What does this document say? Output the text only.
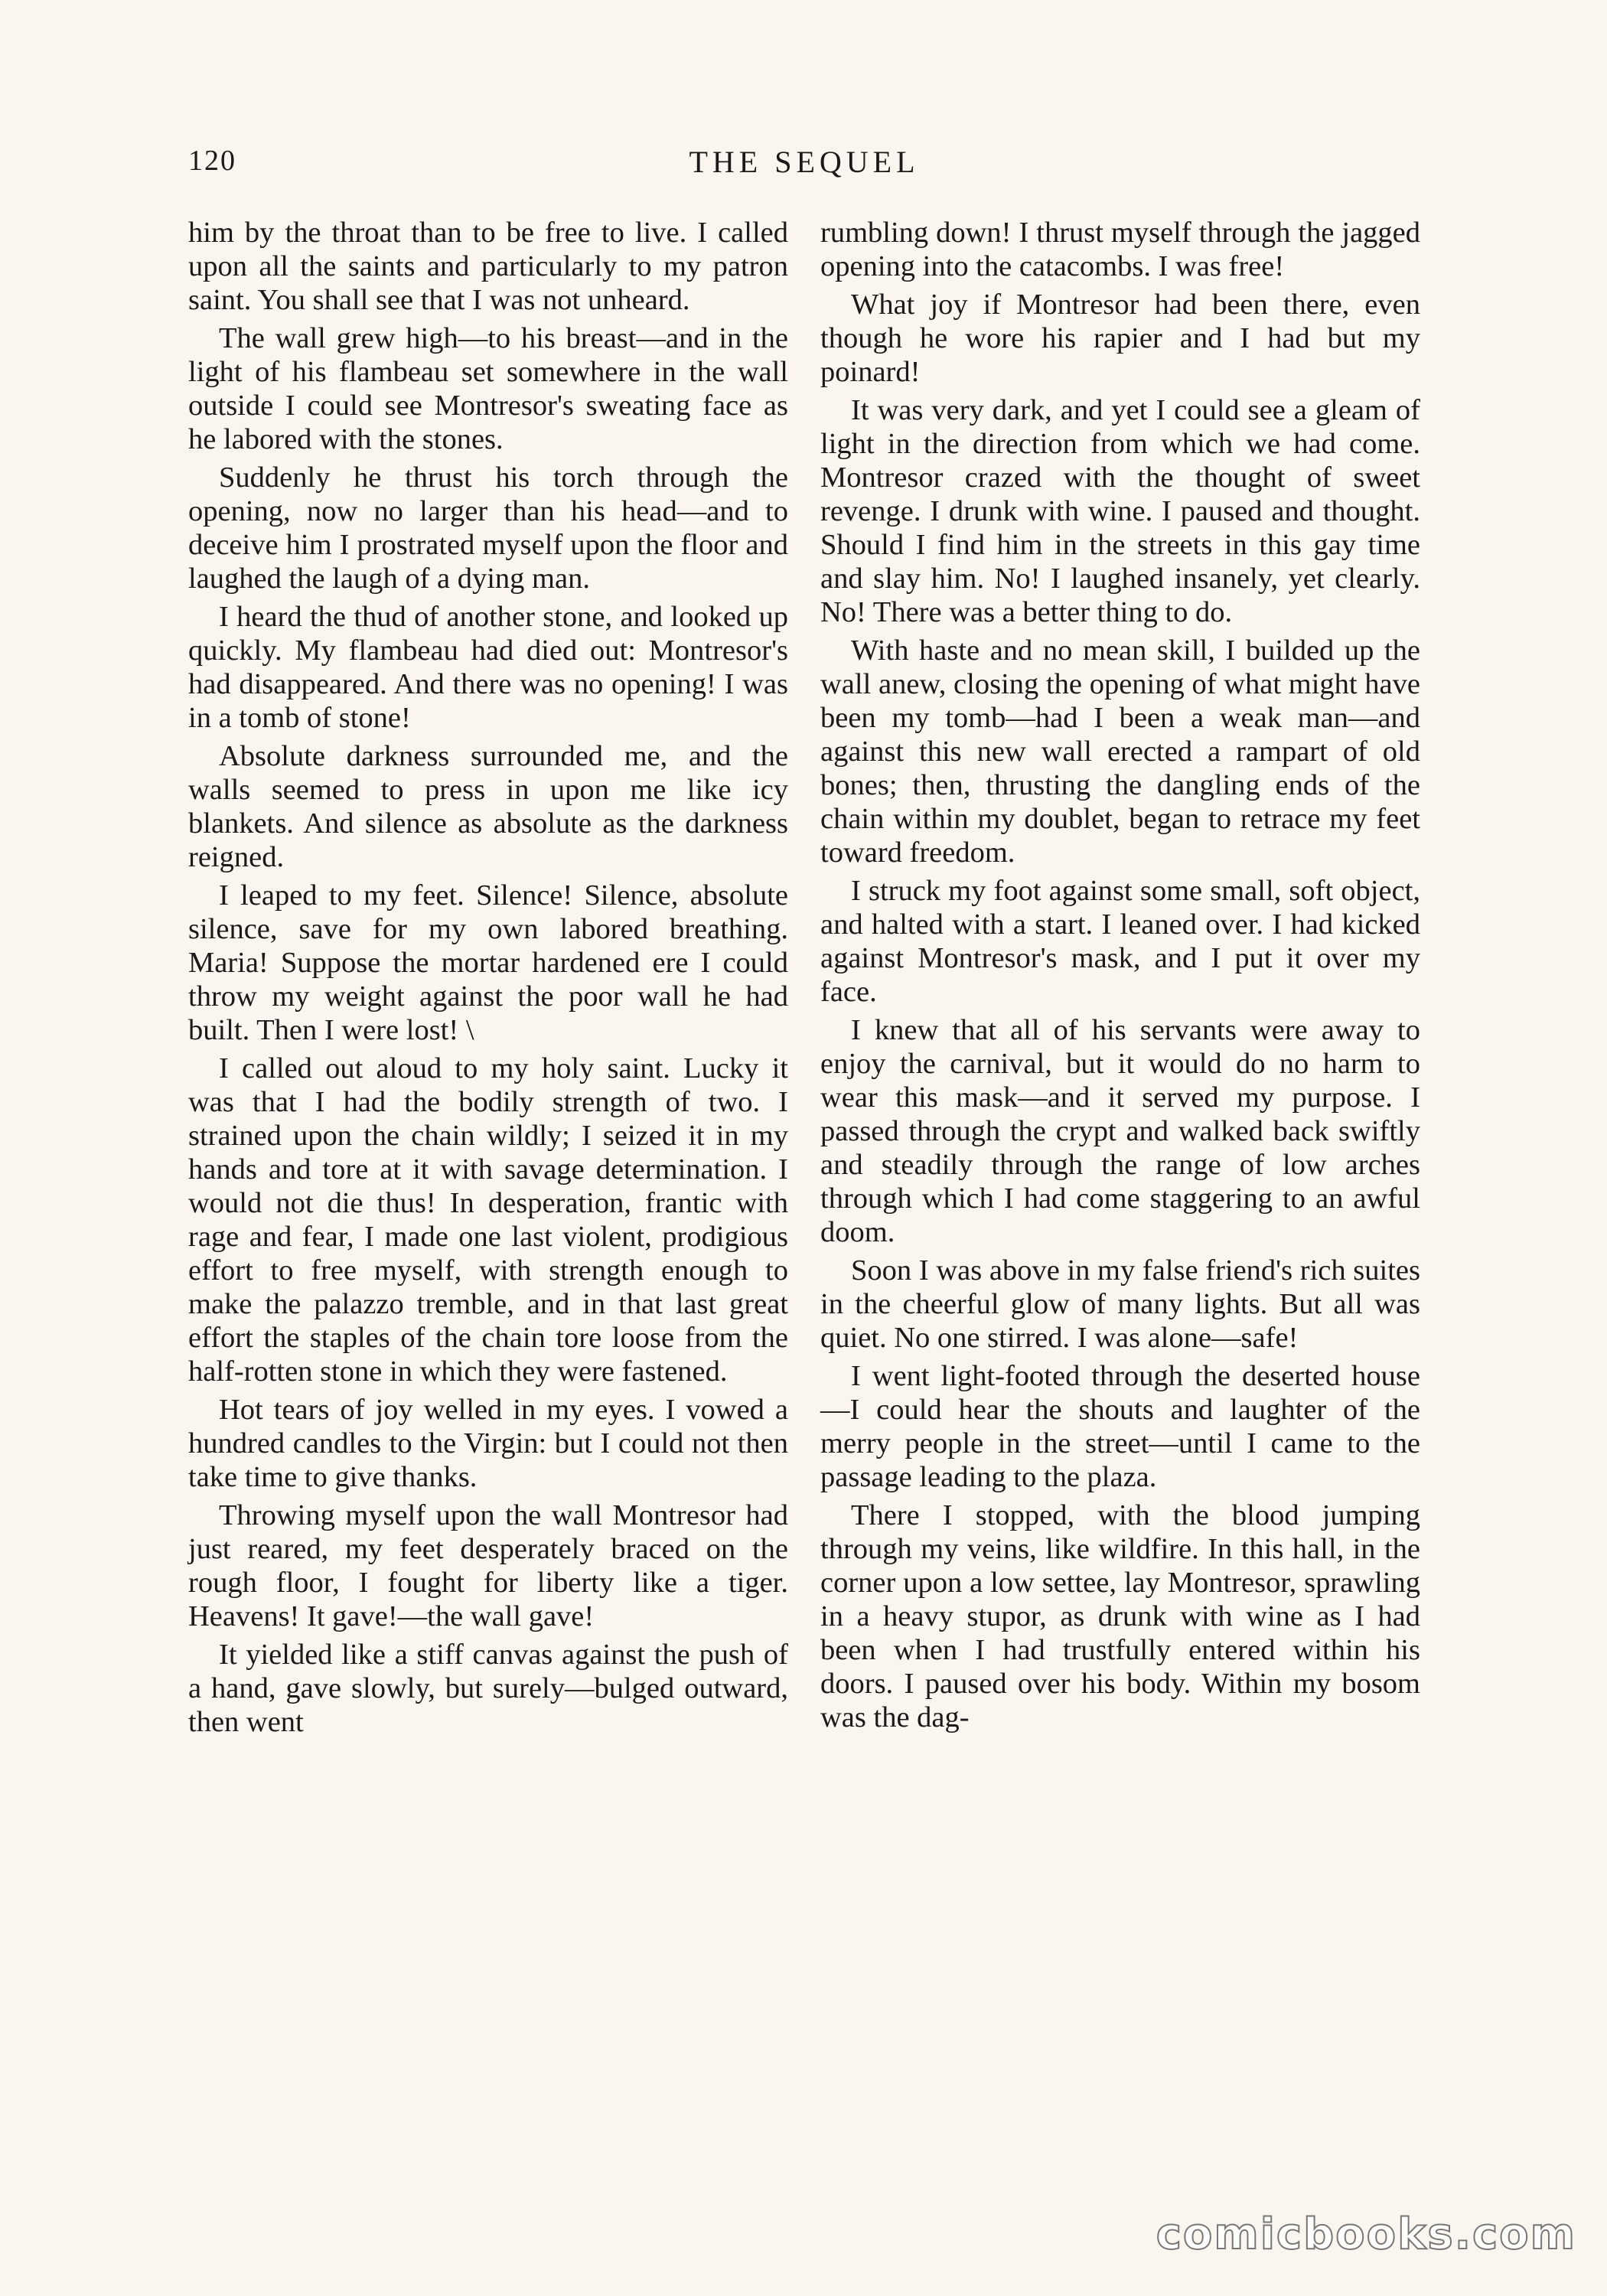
120	THE SEQUEL

him by the throat than to be free to live. I called upon all the saints and particularly to my patron saint. You shall see that I was not unheard.

The wall grew high—to his breast—and in the light of his flambeau set somewhere in the wall outside I could see Montresor's sweating face as he labored with the stones.

Suddenly he thrust his torch through the opening, now no larger than his head—and to deceive him I prostrated myself upon the floor and laughed the laugh of a dying man.

I heard the thud of another stone, and looked up quickly. My flambeau had died out: Montresor's had disappeared. And there was no opening! I was in a tomb of stone!

Absolute darkness surrounded me, and the walls seemed to press in upon me like icy blankets. And silence as absolute as the darkness reigned.

I leaped to my feet. Silence! Silence, absolute silence, save for my own labored breathing. Maria! Suppose the mortar hardened ere I could throw my weight against the poor wall he had built. Then I were lost! \

I called out aloud to my holy saint. Lucky it was that I had the bodily strength of two. I strained upon the chain wildly; I seized it in my hands and tore at it with savage determination. I would not die thus! In desperation, frantic with rage and fear, I made one last violent, prodigious effort to free myself, with strength enough to make the palazzo tremble, and in that last great effort the staples of the chain tore loose from the half-rotten stone in which they were fastened.

Hot tears of joy welled in my eyes. I vowed a hundred candles to the Virgin: but I could not then take time to give thanks.

Throwing myself upon the wall Montresor had just reared, my feet desperately braced on the rough floor, I fought for liberty like a tiger. Heavens! It gave!—the wall gave!

It yielded like a stiff canvas against the push of a hand, gave slowly, but surely—bulged outward, then went

rumbling down! I thrust myself through the jagged opening into the catacombs. I was free!

What joy if Montresor had been there, even though he wore his rapier and I had but my poinard!

It was very dark, and yet I could see a gleam of light in the direction from which we had come. Montresor crazed with the thought of sweet revenge. I drunk with wine. I paused and thought. Should I find him in the streets in this gay time and slay him. No! I laughed insanely, yet clearly. No! There was a better thing to do.

With haste and no mean skill, I builded up the wall anew, closing the opening of what might have been my tomb—had I been a weak man—and against this new wall erected a rampart of old bones; then, thrusting the dangling ends of the chain within my doublet, began to retrace my feet toward freedom.

I struck my foot against some small, soft object, and halted with a start. I leaned over. I had kicked against Montresor's mask, and I put it over my face.

I knew that all of his servants were away to enjoy the carnival, but it would do no harm to wear this mask—and it served my purpose. I passed through the crypt and walked back swiftly and steadily through the range of low arches through which I had come staggering to an awful doom.

Soon I was above in my false friend's rich suites in the cheerful glow of many lights. But all was quiet. No one stirred. I was alone—safe!

I went light-footed through the deserted house—I could hear the shouts and laughter of the merry people in the street—until I came to the passage leading to the plaza.

There I stopped, with the blood jumping through my veins, like wildfire. In this hall, in the corner upon a low settee, lay Montresor, sprawling in a heavy stupor, as drunk with wine as I had been when I had trustfully entered within his doors. I paused over his body. Within my bosom was the dag-

comicbooks.com
